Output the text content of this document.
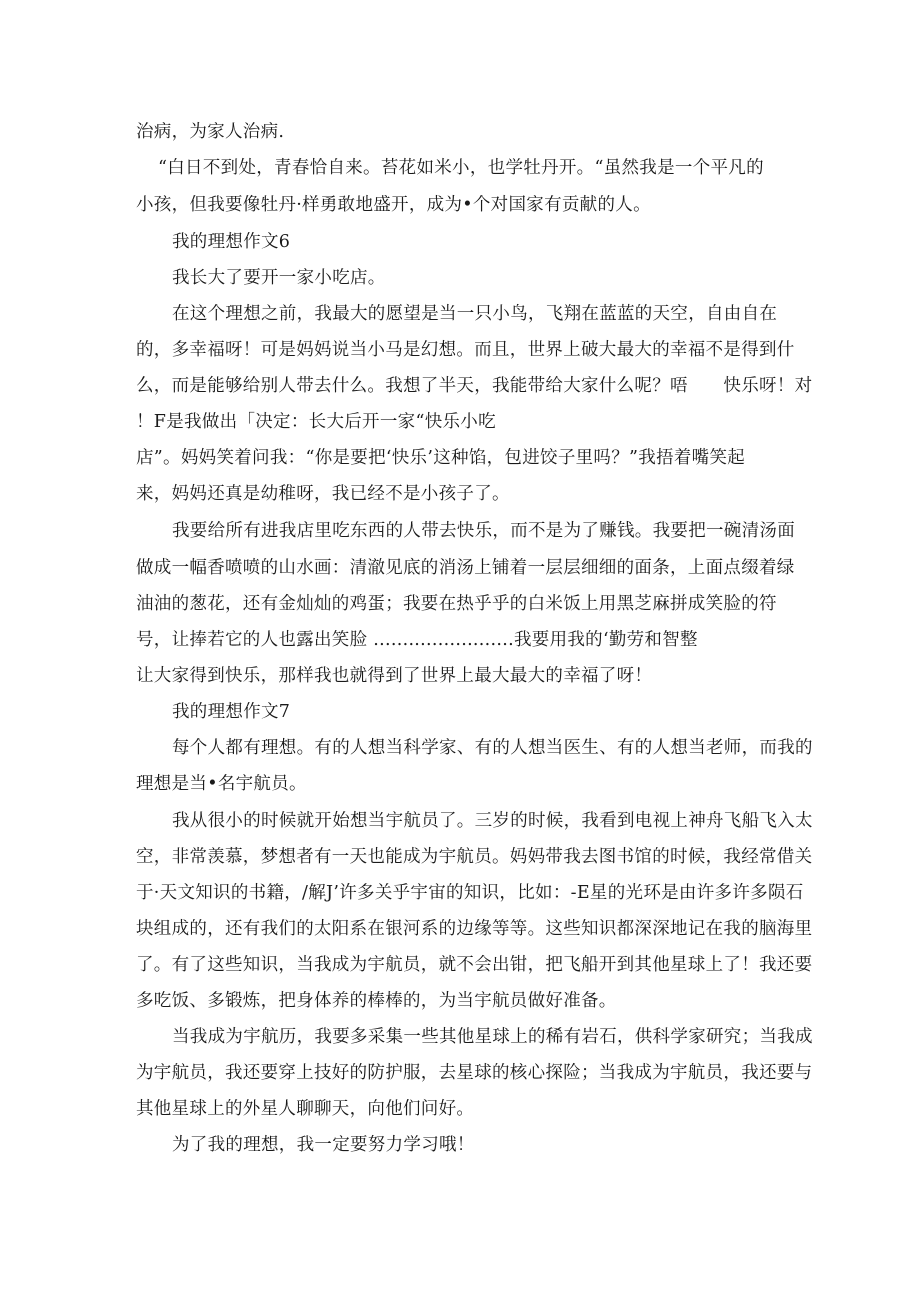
治病，为家人治病.
“白日不到处，青春恰自来。苔花如米小，也学牡丹开。“虽然我是一个平凡的
小孩，但我要像牡丹·样勇敢地盛开，成为•个对国家有贡献的人。
我的理想作文6
我长大了要开一家小吃店。
在这个理想之前，我最大的愿望是当一只小鸟，飞翔在蓝蓝的天空，自由自在
的，多幸福呀！可是妈妈说当小马是幻想。而且，世界上破大最大的幸福不是得到什
么，而是能够给别人带去什么。我想了半天，我能带给大家什么呢？唔　　快乐呀！对
！F是我做出「决定：长大后开一家“快乐小吃
店”。妈妈笑着问我：“你是要把‘快乐’这种馅，包进饺子里吗？”我捂着嘴笑起
来，妈妈还真是幼稚呀，我已经不是小孩子了。
我要给所有进我店里吃东西的人带去快乐，而不是为了赚钱。我要把一碗清汤面
做成一幅香喷喷的山水画：清澈见底的消汤上铺着一层层细细的面条，上面点缀着绿
油油的葱花，还有金灿灿的鸡蛋；我要在热乎乎的白米饭上用黑芝麻拼成笑脸的符
号，让捧若它的人也露出笑脸 ........................我要用我的‘勤劳和智整
让大家得到快乐，那样我也就得到了世界上最大最大的幸福了呀！
我的理想作文7
每个人都有理想。有的人想当科学家、有的人想当医生、有的人想当老师，而我的
理想是当•名宇航员。
我从很小的时候就开始想当宇航员了。三岁的时候，我看到电视上神舟飞船飞入太
空，非常羡慕，梦想者有一天也能成为宇航员。妈妈带我去图书馆的时候，我经常借关
于·天文知识的书籍，/解J’许多关乎宇宙的知识，比如：-E星的光环是由许多许多陨石
块组成的，还有我们的太阳系在银河系的边缘等等。这些知识都深深地记在我的脑海里
了。有了这些知识，当我成为宇航员，就不会出钳，把飞船开到其他星球上了！我还要
多吃饭、多锻炼，把身体养的棒棒的，为当宇航员做好准备。
当我成为宇航历，我要多采集一些其他星球上的稀有岩石，供科学家研究；当我成
为宇航员，我还要穿上技好的防护服，去星球的核心探险；当我成为宇航员，我还要与
其他星球上的外星人聊聊天，向他们问好。
为了我的理想，我一定要努力学习哦！
